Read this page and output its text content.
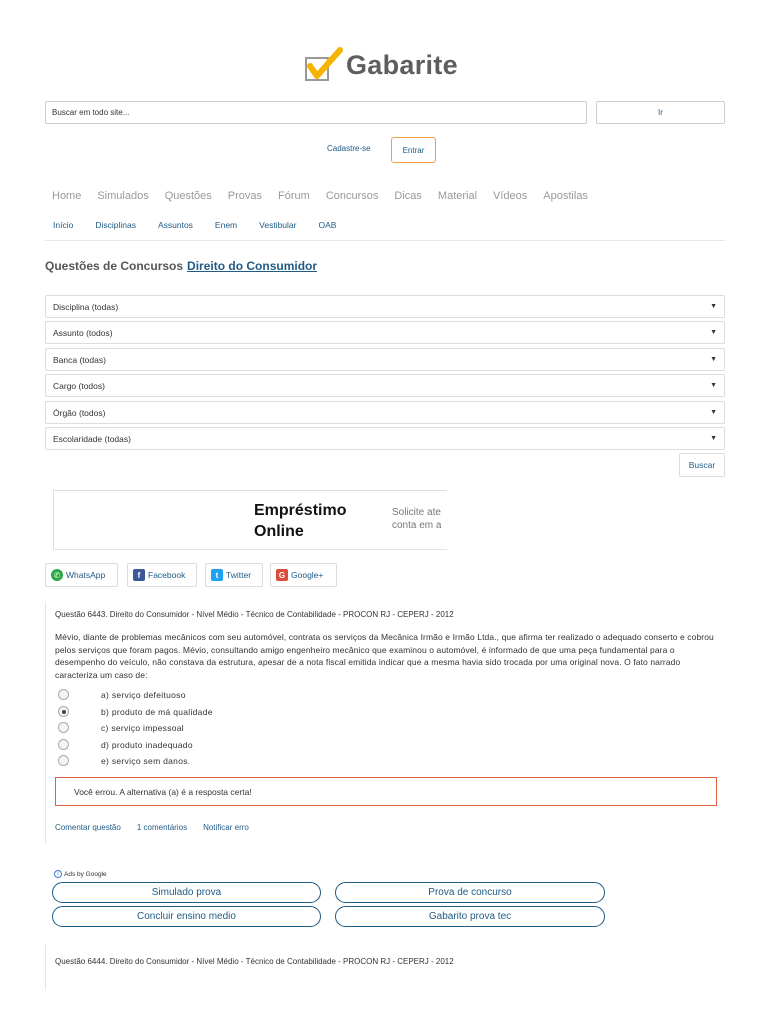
Gabarite
Buscar em todo site...
Ir
Cadastre-se	Entrar
Home Simulados Questões Provas Fórum Concursos Dicas Material Vídeos Apostilas
Início	Disciplinas	Assuntos	Enem	Vestibular	OAB
Questões de Concursos Direito do Consumidor
Disciplina (todas)	▼
Assunto (todos)	▼
Banca (todas)	▼
Cargo (todos)	▼
Órgão (todos)	▼
Escolaridade (todas)	▼
Buscar
Empréstimo Online
Solicite ate
conta em a
✆ WhatsApp	f Facebook	t Twitter	G Google+
Questão 6443. Direito do Consumidor - Nível Médio - Técnico de Contabilidade - PROCON RJ - CEPERJ - 2012
Mévio, diante de problemas mecânicos com seu automóvel, contrata os serviços da Mecânica Irmão e Irmão Ltda., que afirma ter realizado o adequado conserto e cobrou pelos serviços que foram pagos. Mévio, consultando amigo engenheiro mecânico que examinou o automóvel, é informado de que uma peça fundamental para o desempenho do veículo, não constava da estrutura, apesar de a nota fiscal emitida indicar que a mesma havia sido trocada por uma original nova. O fato narrado caracteriza um caso de:
a) serviço defeituoso
b) produto de má qualidade
c) serviço impessoal
d) produto inadequado
e) serviço sem danos.
Você errou. A alternativa (a) é a resposta certa!
Comentar questão 1 comentários Notificar erro
i Ads by Google
Simulado prova	Prova de concurso
Concluir ensino medio	Gabarito prova tec
Questão 6444. Direito do Consumidor - Nível Médio - Técnico de Contabilidade - PROCON RJ - CEPERJ - 2012
